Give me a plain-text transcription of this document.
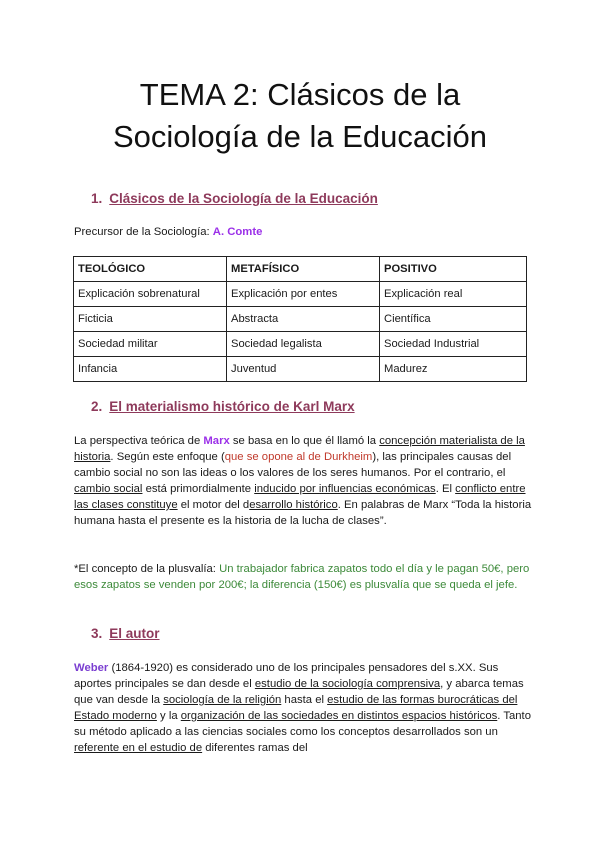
TEMA 2: Clásicos de la
Sociología de la Educación
1. Clásicos de la Sociología de la Educación

Precursor de la Sociología: A. Comte

TEOLÓGICO	METAFÍSICO	POSITIVO
Explicación sobrenatural	Explicación por entes	Explicación real
Ficticia	Abstracta	Científica
Sociedad militar	Sociedad legalista	Sociedad Industrial
Infancia	Juventud	Madurez
2. El materialismo histórico de Karl Marx

La perspectiva teórica de Marx se basa en lo que él llamó la concepción materialista de la historia. Según este enfoque (que se opone al de Durkheim), las principales causas del cambio social no son las ideas o los valores de los seres humanos. Por el contrario, el cambio social está primordialmente inducido por influencias económicas. El conflicto entre las clases constituye el motor del desarrollo histórico. En palabras de Marx “Toda la historia humana hasta el presente es la historia de la lucha de clases”.

*El concepto de la plusvalía: Un trabajador fabrica zapatos todo el día y le pagan 50€, pero esos zapatos se venden por 200€; la diferencia (150€) es plusvalía que se queda el jefe.

3. El autor

Weber (1864-1920) es considerado uno de los principales pensadores del s.XX. Sus aportes principales se dan desde el estudio de la sociología comprensiva, y abarca temas que van desde la sociología de la religión hasta el estudio de las formas burocráticas del Estado moderno y la organización de las sociedades en distintos espacios históricos. Tanto su método aplicado a las ciencias sociales como los conceptos desarrollados son un referente en el estudio de diferentes ramas del
